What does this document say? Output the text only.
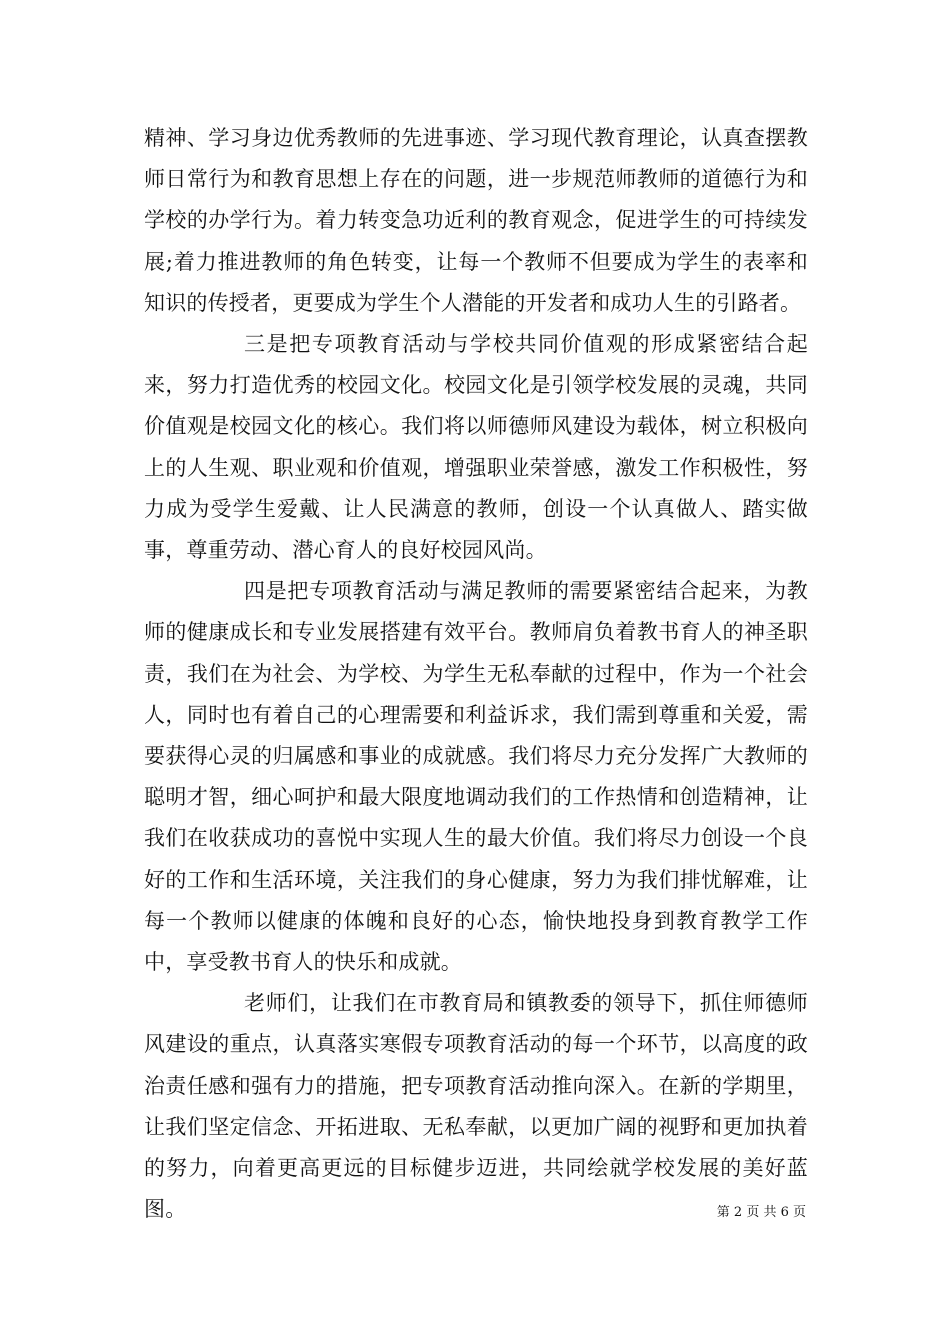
精神、学习身边优秀教师的先进事迹、学习现代教育理论，认真查摆教师日常行为和教育思想上存在的问题，进一步规范师教师的道德行为和学校的办学行为。着力转变急功近利的教育观念，促进学生的可持续发展;着力推进教师的角色转变，让每一个教师不但要成为学生的表率和知识的传授者，更要成为学生个人潜能的开发者和成功人生的引路者。

三是把专项教育活动与学校共同价值观的形成紧密结合起来，努力打造优秀的校园文化。校园文化是引领学校发展的灵魂，共同价值观是校园文化的核心。我们将以师德师风建设为载体，树立积极向上的人生观、职业观和价值观，增强职业荣誉感，激发工作积极性，努力成为受学生爱戴、让人民满意的教师，创设一个认真做人、踏实做事，尊重劳动、潜心育人的良好校园风尚。

四是把专项教育活动与满足教师的需要紧密结合起来，为教师的健康成长和专业发展搭建有效平台。教师肩负着教书育人的神圣职责，我们在为社会、为学校、为学生无私奉献的过程中，作为一个社会人，同时也有着自己的心理需要和利益诉求，我们需到尊重和关爱，需要获得心灵的归属感和事业的成就感。我们将尽力充分发挥广大教师的聪明才智，细心呵护和最大限度地调动我们的工作热情和创造精神，让我们在收获成功的喜悦中实现人生的最大价值。我们将尽力创设一个良好的工作和生活环境，关注我们的身心健康，努力为我们排忧解难，让每一个教师以健康的体魄和良好的心态，愉快地投身到教育教学工作中，享受教书育人的快乐和成就。

老师们，让我们在市教育局和镇教委的领导下，抓住师德师风建设的重点，认真落实寒假专项教育活动的每一个环节，以高度的政治责任感和强有力的措施，把专项教育活动推向深入。在新的学期里，让我们坚定信念、开拓进取、无私奉献，以更加广阔的视野和更加执着的努力，向着更高更远的目标健步迈进，共同绘就学校发展的美好蓝图。	第 2 页 共 6 页
